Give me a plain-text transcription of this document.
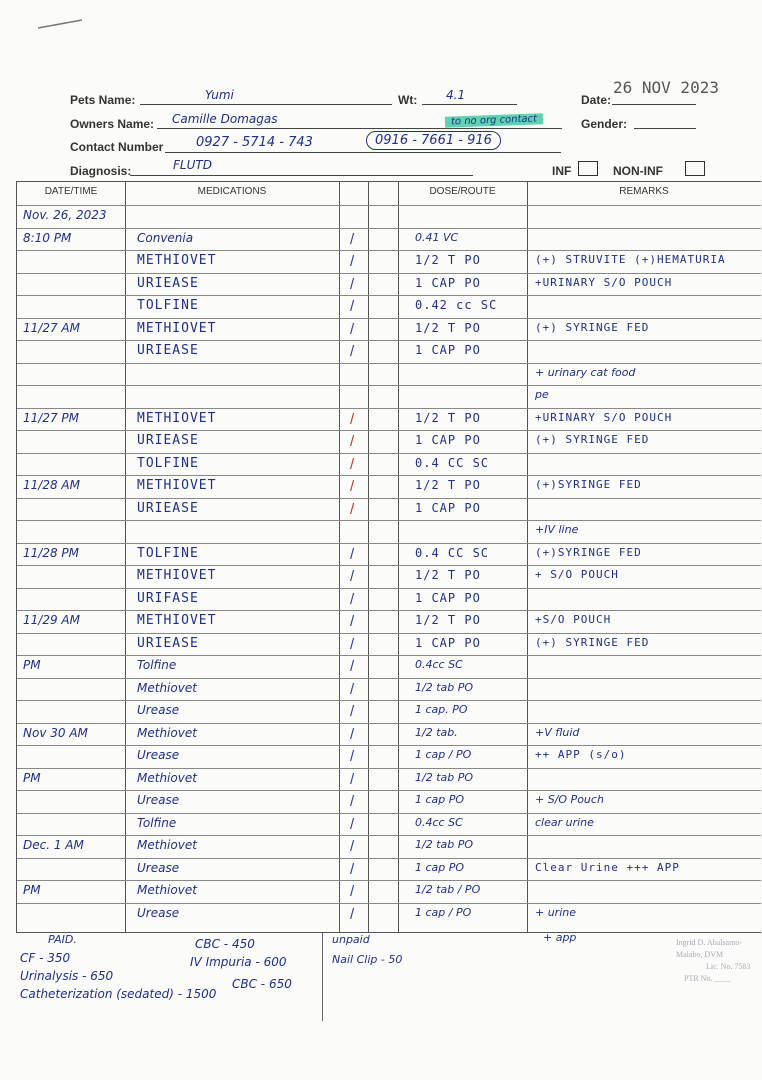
Pets Name:	Yumi	Wt: 4.1	Date:
26 NOV 2023
Owners Name: Camille Domagas	to no org contact	Gender:
Contact Number	0927 - 5714 - 743	0916 - 7661 - 916
Diagnosis:	FLUTD	INF	NON-INF
DATE/TIME	MEDICATIONS	DOSE/ROUTE	REMARKS
Nov. 26, 2023
8:10 PM	Convenia	/	0.41 VC
METHIOVET	/	1/2 T PO	(+) STRUVITE (+)HEMATURIA
URIEASE	/	1 CAP PO	+URINARY S/O POUCH
TOLFINE	/	0.42 cc SC
11/27 AM	METHIOVET	/	1/2 T PO	(+) SYRINGE FED
URIEASE	/	1 CAP PO
+ urinary cat food
pe
11/27 PM	METHIOVET	/	1/2 T PO	+URINARY S/O POUCH
URIEASE	/	1 CAP PO	(+) SYRINGE FED
TOLFINE	/	0.4 CC SC
11/28 AM	METHIOVET	/	1/2 T PO	(+)SYRINGE FED
URIEASE	/	1 CAP PO
+IV line
11/28 PM	TOLFINE	/	0.4 CC SC	(+)SYRINGE FED
METHIOVET	/	1/2 T PO	+ S/O POUCH
URIFASE	/	1 CAP PO
11/29 AM	METHIOVET	/	1/2 T PO	+S/O POUCH
URIEASE	/	1 CAP PO	(+) SYRINGE FED
PM	Tolfine	/	0.4cc SC
Methiovet	/	1/2 tab PO
Urease	/	1 cap. PO
Nov 30 AM	Methiovet	/	1/2 tab.	+V fluid
Urease	/	1 cap / PO	++ APP (s/o)
PM	Methiovet	/	1/2 tab PO
Urease	/	1 cap PO	+ S/O Pouch
Tolfine	/	0.4cc SC	clear urine
Dec. 1 AM	Methiovet	/	1/2 tab PO
Urease	/	1 cap PO	Clear Urine +++ APP
PM	Methiovet	/	1/2 tab / PO
Urease	/	1 cap / PO	+ urine
PAID.
CF - 350
Urinalysis - 650
Catheterization (sedated) - 1500
CBC - 450
IV Impuria - 600
CBC - 650
unpaid
Nail Clip - 50
+ app	Ingrid D. Abalsamo-Malabo, DVM
Lic. No. 7583
PTR No. ____
